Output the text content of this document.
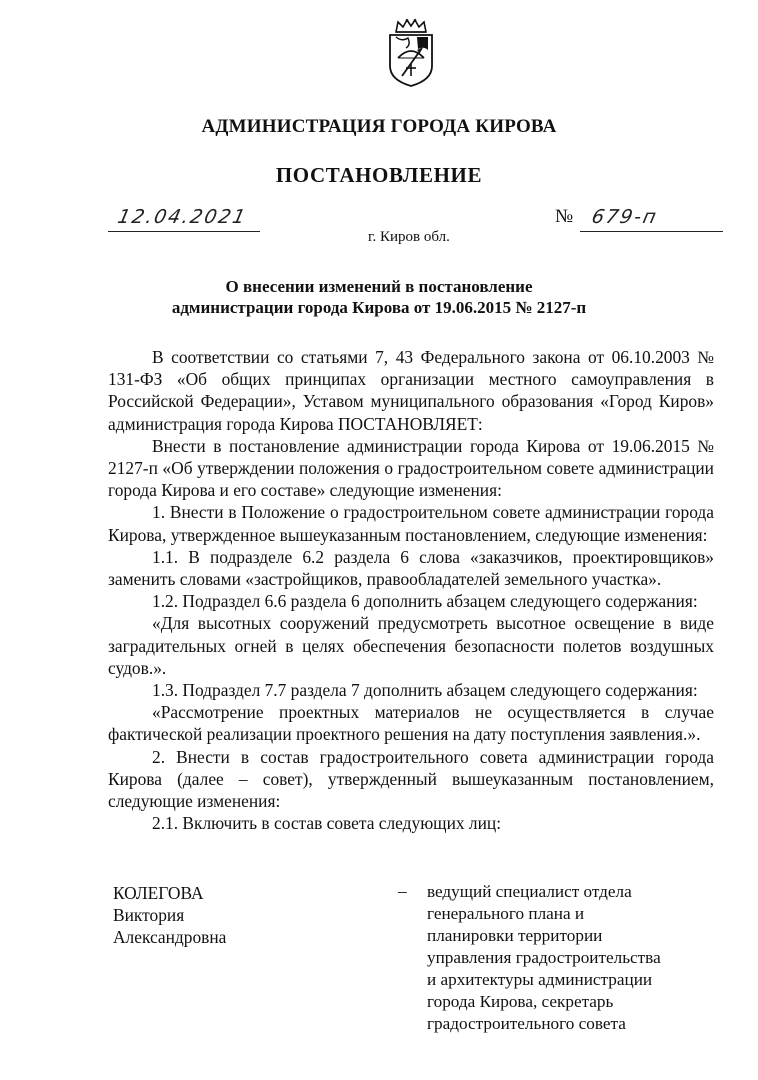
АДМИНИСТРАЦИЯ ГОРОДА КИРОВА
ПОСТАНОВЛЕНИЕ
12.04.2021	№ 679-п
г. Киров обл.
О внесении изменений в постановление
администрации города Кирова от 19.06.2015 № 2127-п

В соответствии со статьями 7, 43 Федерального закона от 06.10.2003 № 131-ФЗ «Об общих принципах организации местного самоуправления в Российской Федерации», Уставом муниципального образования «Город Киров» администрация города Кирова ПОСТАНОВЛЯЕТ:

Внести в постановление администрации города Кирова от 19.06.2015 № 2127-п «Об утверждении положения о градостроительном совете администрации города Кирова и его составе» следующие изменения:

1. Внести в Положение о градостроительном совете администрации города Кирова, утвержденное вышеуказанным постановлением, следующие изменения:

1.1. В подразделе 6.2 раздела 6 слова «заказчиков, проектировщиков» заменить словами «застройщиков, правообладателей земельного участка».

1.2. Подраздел 6.6 раздела 6 дополнить абзацем следующего содержания:

«Для высотных сооружений предусмотреть высотное освещение в виде заградительных огней в целях обеспечения безопасности полетов воздушных судов.».

1.3. Подраздел 7.7 раздела 7 дополнить абзацем следующего содержания:

«Рассмотрение проектных материалов не осуществляется в случае фактической реализации проектного решения на дату поступления заявления.».

2. Внести в состав градостроительного совета администрации города Кирова (далее – совет), утвержденный вышеуказанным постановлением, следующие изменения:

2.1. Включить в состав совета следующих лиц:

КОЛЕГОВА
Виктория
Александровна
– ведущий специалист отдела
генерального плана и
планировки территории
управления градостроительства
и архитектуры администрации
города Кирова, секретарь
градостроительного совета
